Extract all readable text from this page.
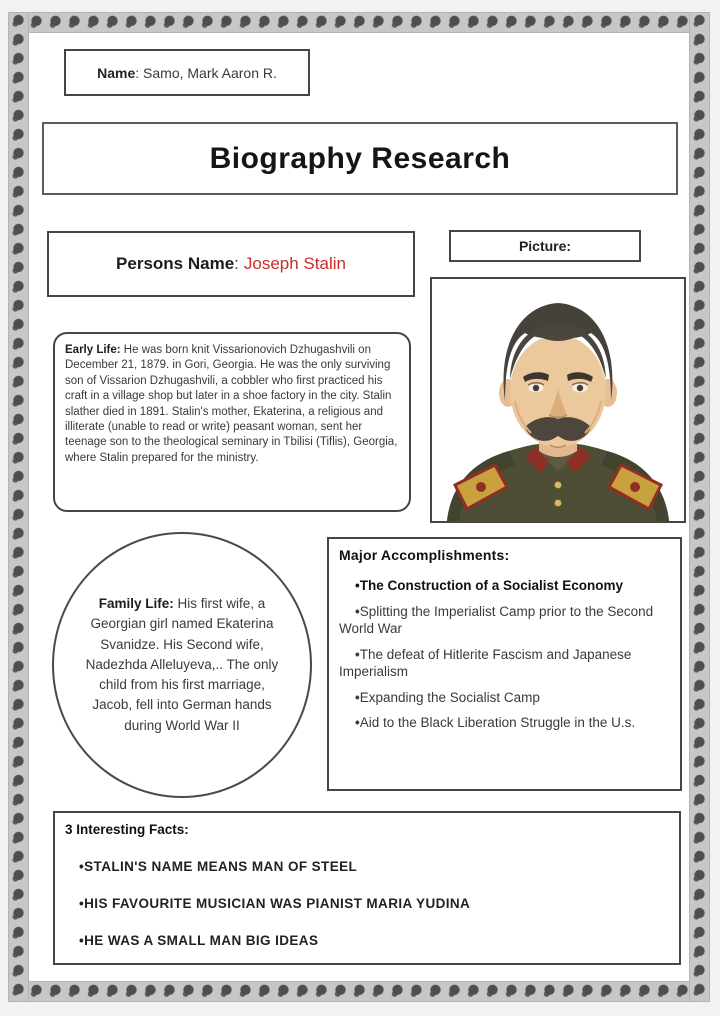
Name: Samo, Mark Aaron R.
Biography Research
Persons Name : Joseph Stalin
Picture:
Early Life: He was born knit Vissarionovich Dzhugashvili on December 21, 1879. in Gori, Georgia. He was the only surviving son of Vissarion Dzhugashvili, a cobbler who first practiced his craft in a village shop but later in a shoe factory in the city. Stalin slather died in 1891. Stalin's mother, Ekaterina, a religious and illiterate (unable to read or write) peasant woman, sent her teenage son to the theological seminary in Tbilisi (Tiflis), Georgia, where Stalin prepared for the ministry.
Family Life: His first wife, a Georgian girl named Ekaterina Svanidze. His Second wife, Nadezhda Alleluyeva,.. The only child from his first marriage, Jacob, fell into German hands during World War II
Major Accomplishments:

• The Construction of a Socialist Economy

• Splitting the Imperialist Camp prior to the Second World War

• The defeat of Hitlerite Fascism and Japanese Imperialism

• Expanding the Socialist Camp

• Aid to the Black Liberation Struggle in the U.s.

3 Interesting Facts:

• STALIN'S NAME MEANS MAN OF STEEL

• HIS FAVOURITE MUSICIAN WAS PIANIST MARIA YUDINA

• HE WAS A SMALL MAN BIG IDEAS
